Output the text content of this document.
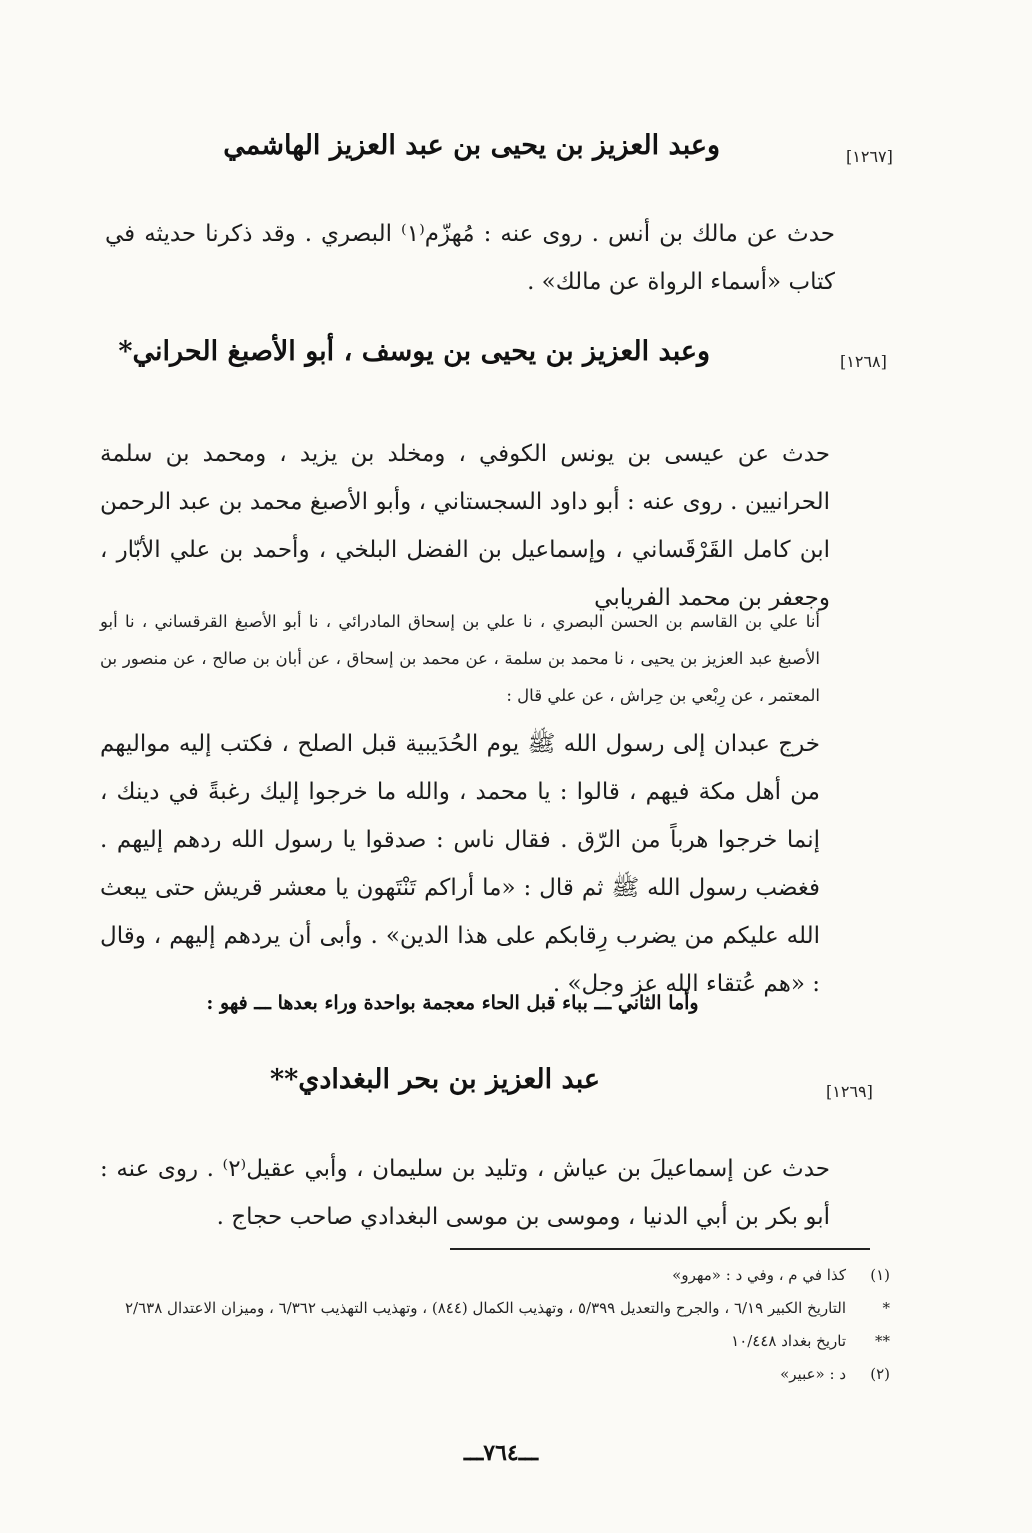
[١٢٦٧]
وعبد العزيز بن يحيى بن عبد العزيز الهاشمي

حدث عن مالك بن أنس . روى عنه : مُهزّم⁽١⁾ البصري . وقد ذكرنا حديثه في كتاب «أسماء الرواة عن مالك» .

[١٢٦٨]
وعبد العزيز بن يحيى بن يوسف ، أبو الأصبغ الحراني*

حدث عن عيسى بن يونس الكوفي ، ومخلد بن يزيد ، ومحمد بن سلمة الحرانيين . روى عنه : أبو داود السجستاني ، وأبو الأصبغ محمد بن عبد الرحمن ابن كامل القَرْقَساني ، وإسماعيل بن الفضل البلخي ، وأحمد بن علي الأبّار ، وجعفر بن محمد الفريابي

أنا علي بن القاسم بن الحسن البصري ، نا علي بن إسحاق المادرائي ، نا أبو الأصبغ القرقساني ، نا أبو الأصبغ عبد العزيز بن يحيى ، نا محمد بن سلمة ، عن محمد بن إسحاق ، عن أبان بن صالح ، عن منصور بن المعتمر ، عن رِبْعي بن حِراش ، عن علي قال :

خرج عبدان إلى رسول الله ﷺ يوم الحُدَيبية قبل الصلح ، فكتب إليه مواليهم من أهل مكة فيهم ، قالوا : يا محمد ، والله ما خرجوا إليك رغبةً في دينك ، إنما خرجوا هرباً من الرّق . فقال ناس : صدقوا يا رسول الله ردهم إليهم . فغضب رسول الله ﷺ ثم قال : «ما أراكم تَنْتَهون يا معشر قريش حتى يبعث الله عليكم من يضرب رِقابكم على هذا الدين» . وأبى أن يردهم إليهم ، وقال : «هم عُتقاء الله عز وجل» .

وأما الثاني ـــ بباء قبل الحاء معجمة بواحدة وراء بعدها ـــ فهو :
[١٢٦٩]
عبد العزيز بن بحر البغدادي**

حدث عن إسماعيلَ بن عياش ، وتليد بن سليمان ، وأبي عقيل⁽٢⁾ . روى عنه : أبو بكر بن أبي الدنيا ، وموسى بن موسى البغدادي صاحب حجاج .

(١)
كذا في م ، وفي د : «مهرو»
*
التاريخ الكبير ٦/١٩ ، والجرح والتعديل ٥/٣٩٩ ، وتهذيب الكمال (٨٤٤) ، وتهذيب التهذيب ٦/٣٦٢ ، وميزان الاعتدال ٢/٦٣٨
**
تاريخ بغداد ١٠/٤٤٨
(٢)
د : «عبير»
ـــ٧٦٤ـــ
